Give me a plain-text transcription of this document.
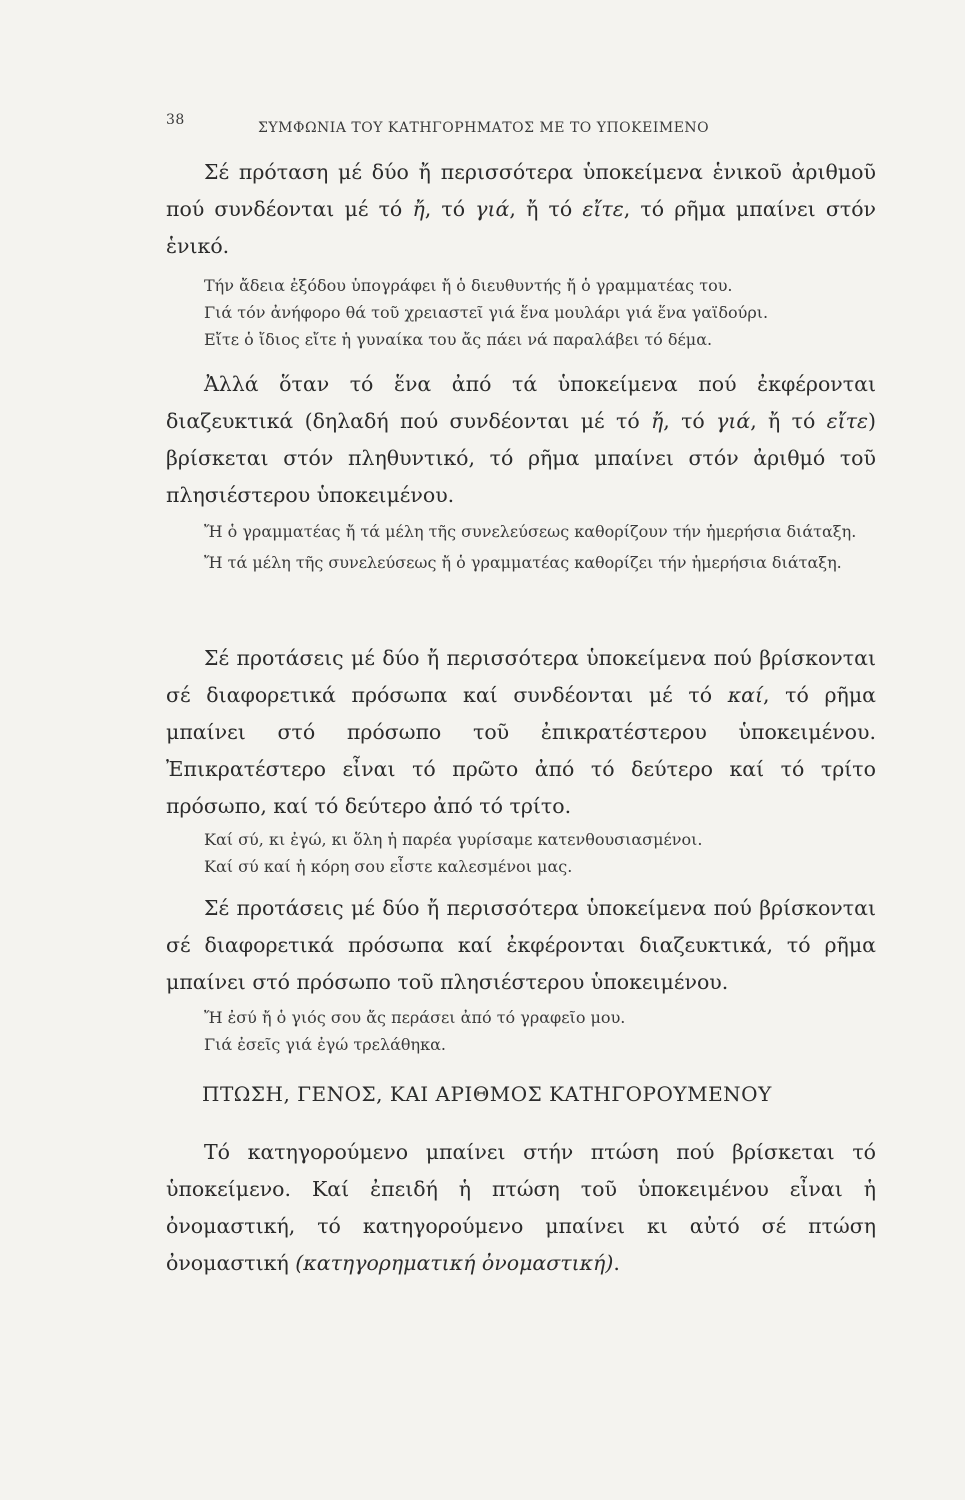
38	ΣΥΜΦΩΝΙΑ ΤΟΥ ΚΑΤΗΓΟΡΗΜΑΤΟΣ ΜΕ ΤΟ ΥΠΟΚΕΙΜΕΝΟ

Σέ πρόταση μέ δύο ἤ περισσότερα ὑποκείμενα ἑνικοῦ ἀριθμοῦ πού συνδέονται μέ τό ἤ, τό γιά, ἤ τό εἴτε, τό ρῆμα μπαίνει στόν ἑνικό.

Τήν ἄδεια ἐξόδου ὑπογράφει ἤ ὁ διευθυντής ἤ ὁ γραμματέας του.

Γιά τόν ἀνήφορο θά τοῦ χρειαστεῖ γιά ἕνα μουλάρι γιά ἕνα γαϊδούρι.

Εἴτε ὁ ἴδιος εἴτε ἡ γυναίκα του ἄς πάει νά παραλάβει τό δέμα.

Ἀλλά ὅταν τό ἕνα ἀπό τά ὑποκείμενα πού ἐκφέρονται διαζευκτικά (δηλαδή πού συνδέονται μέ τό ἤ, τό γιά, ἤ τό εἴτε) βρίσκεται στόν πληθυντικό, τό ρῆμα μπαίνει στόν ἀριθμό τοῦ πλησιέστερου ὑποκειμένου.

Ἤ ὁ γραμματέας ἤ τά μέλη τῆς συνελεύσεως καθορίζουν τήν ἡμερήσια διάταξη.

Ἤ τά μέλη τῆς συνελεύσεως ἤ ὁ γραμματέας καθορίζει τήν ἡμερήσια διάταξη.

Σέ προτάσεις μέ δύο ἤ περισσότερα ὑποκείμενα πού βρίσκονται σέ διαφορετικά πρόσωπα καί συνδέονται μέ τό καί, τό ρῆμα μπαίνει στό πρόσωπο τοῦ ἐπικρατέστερου ὑποκειμένου. Ἐπικρατέστερο εἶναι τό πρῶτο ἀπό τό δεύτερο καί τό τρίτο πρόσωπο, καί τό δεύτερο ἀπό τό τρίτο.

Καί σύ, κι ἐγώ, κι ὅλη ἡ παρέα γυρίσαμε κατενθουσιασμένοι.

Καί σύ καί ἡ κόρη σου εἶστε καλεσμένοι μας.

Σέ προτάσεις μέ δύο ἤ περισσότερα ὑποκείμενα πού βρίσκονται σέ διαφορετικά πρόσωπα καί ἐκφέρονται διαζευκτικά, τό ρῆμα μπαίνει στό πρόσωπο τοῦ πλησιέστερου ὑποκειμένου.

Ἤ ἐσύ ἤ ὁ γιός σου ἄς περάσει ἀπό τό γραφεῖο μου.

Γιά ἐσεῖς γιά ἐγώ τρελάθηκα.

ΠΤΩΣΗ, ΓΕΝΟΣ, ΚΑΙ ΑΡΙΘΜΟΣ ΚΑΤΗΓΟΡΟΥΜΕΝΟΥ

Τό κατηγορούμενο μπαίνει στήν πτώση πού βρίσκεται τό ὑποκείμενο. Καί ἐπειδή ἡ πτώση τοῦ ὑποκειμένου εἶναι ἡ ὀνομαστική, τό κατηγορούμενο μπαίνει κι αὐτό σέ πτώση ὀνομαστική (κατηγορηματική ὀνομαστική).
